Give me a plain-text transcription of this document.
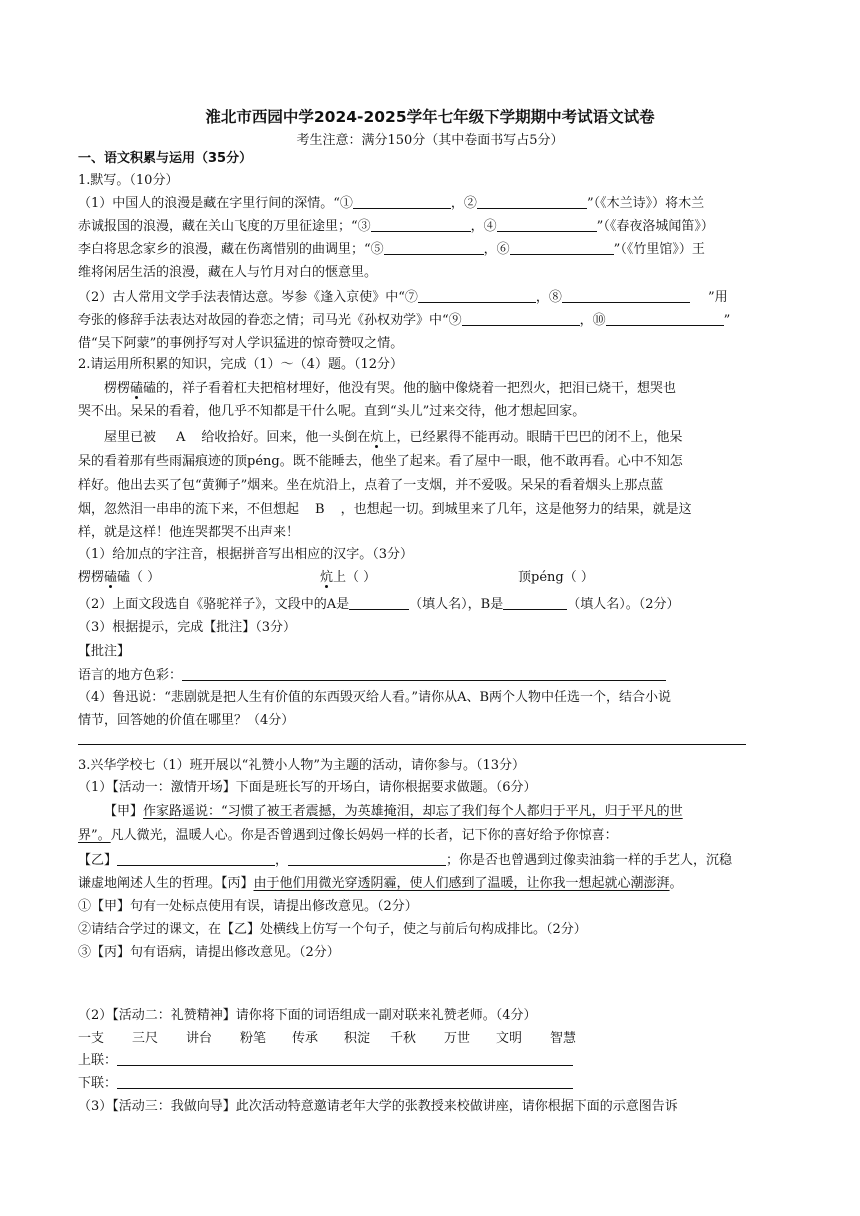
淮北市西园中学2024-2025学年七年级下学期期中考试语文试卷
考生注意：满分150分（其中卷面书写占5分）
一、语文积累与运用（35分）
1.默写。（10分）
（1）中国人的浪漫是藏在字里行间的深情。“①	，②	”（《木兰诗》）将木兰
赤诚报国的浪漫，藏在关山飞度的万里征途里；“③	，④	”（《春夜洛城闻笛》）
李白将思念家乡的浪漫，藏在伤离惜别的曲调里；“⑤	，⑥	”（《竹里馆》）王
维将闲居生活的浪漫，藏在人与竹月对白的惬意里。
（2）古人常用文学手法表情达意。岑参《逢入京使》中“⑦	，⑧	”用
夸张的修辞手法表达对故园的眷恋之情；司马光《孙权劝学》中“⑨	，⑩	”
借“吴下阿蒙”的事例抒写对人学识猛进的惊奇赞叹之情。
2.请运用所积累的知识，完成（1）～（4）题。（12分）
楞楞磕磕的，祥子看着杠夫把棺材埋好，他没有哭。他的脑中像烧着一把烈火，把泪已烧干，想哭也
哭不出。呆呆的看着，他几乎不知都是干什么呢。直到“头儿”过来交待，他才想起回家。
屋里已被 A 给收拾好。回来，他一头倒在炕上，已经累得不能再动。眼睛干巴巴的闭不上，他呆
呆的看着那有些雨漏痕迹的顶péng。既不能睡去，他坐了起来。看了屋中一眼，他不敢再看。心中不知怎
样好。他出去买了包“黄狮子”烟来。坐在炕沿上，点着了一支烟，并不爱吸。呆呆的看着烟头上那点蓝
烟，忽然泪一串串的流下来，不但想起 B ，也想起一切。到城里来了几年，这是他努力的结果，就是这
样，就是这样！他连哭都哭不出声来！
（1）给加点的字注音，根据拼音写出相应的汉字。（3分）
楞楞磕磕（ ）	炕上（ ）	顶péng（ ）
（2）上面文段选自《骆驼祥子》，文段中的A是	（填人名），B是	（填人名）。（2分）
（3）根据提示，完成【批注】（3分）
【批注】
语言的地方色彩：
（4）鲁迅说：“悲剧就是把人生有价值的东西毁灭给人看。”请你从A、B两个人物中任选一个，结合小说
情节，回答她的价值在哪里？（4分）
3.兴华学校七（1）班开展以“礼赞小人物”为主题的活动，请你参与。（13分）
（1）【活动一：激情开场】下面是班长写的开场白，请你根据要求做题。（6分）
【甲】作家路遥说：“习惯了被王者震撼，为英雄掩泪，却忘了我们每个人都归于平凡，归于平凡的世
界”。凡人微光，温暖人心。你是否曾遇到过像长妈妈一样的长者，记下你的喜好给予你惊喜：
【乙】	，	；你是否也曾遇到过像卖油翁一样的手艺人，沉稳
谦虚地阐述人生的哲理。【丙】由于他们用微光穿透阴霾，使人们感到了温暖，让你我一想起就心潮澎湃。
①【甲】句有一处标点使用有误，请提出修改意见。（2分）
②请结合学过的课文，在【乙】处横线上仿写一个句子，使之与前后句构成排比。（2分）
③【丙】句有语病，请提出修改意见。（2分）
（2）【活动二：礼赞精神】请你将下面的词语组成一副对联来礼赞老师。（4分）
一支 三尺 讲台 粉笔 传承 积淀 千秋 万世 文明 智慧
上联：
下联：
（3）【活动三：我做向导】此次活动特意邀请老年大学的张教授来校做讲座，请你根据下面的示意图告诉
